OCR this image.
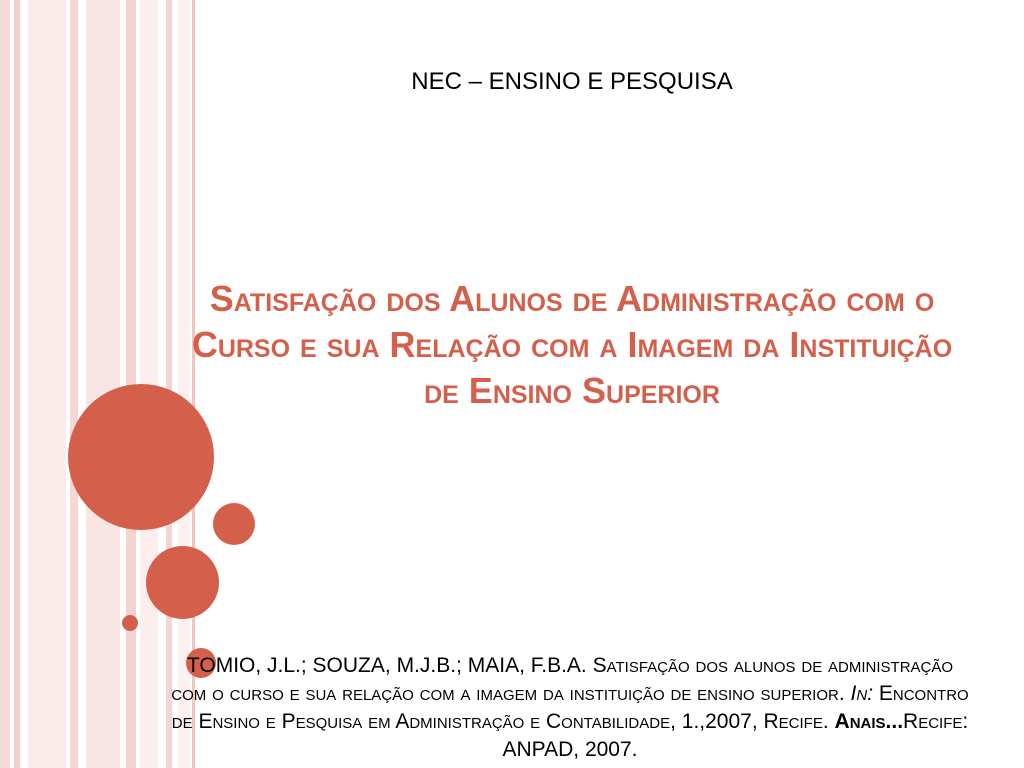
NEC – ENSINO E PESQUISA

Satisfação dos Alunos de Administração com o Curso e sua Relação com a Imagem da Instituição de Ensino Superior

TOMIO, J.L.; SOUZA, M.J.B.; MAIA, F.B.A. Satisfação dos alunos de administração com o curso e sua relação com a imagem da instituição de ensino superior. In: Encontro de Ensino e Pesquisa em Administração e Contabilidade, 1.,2007, Recife. Anais...Recife: ANPAD, 2007.
